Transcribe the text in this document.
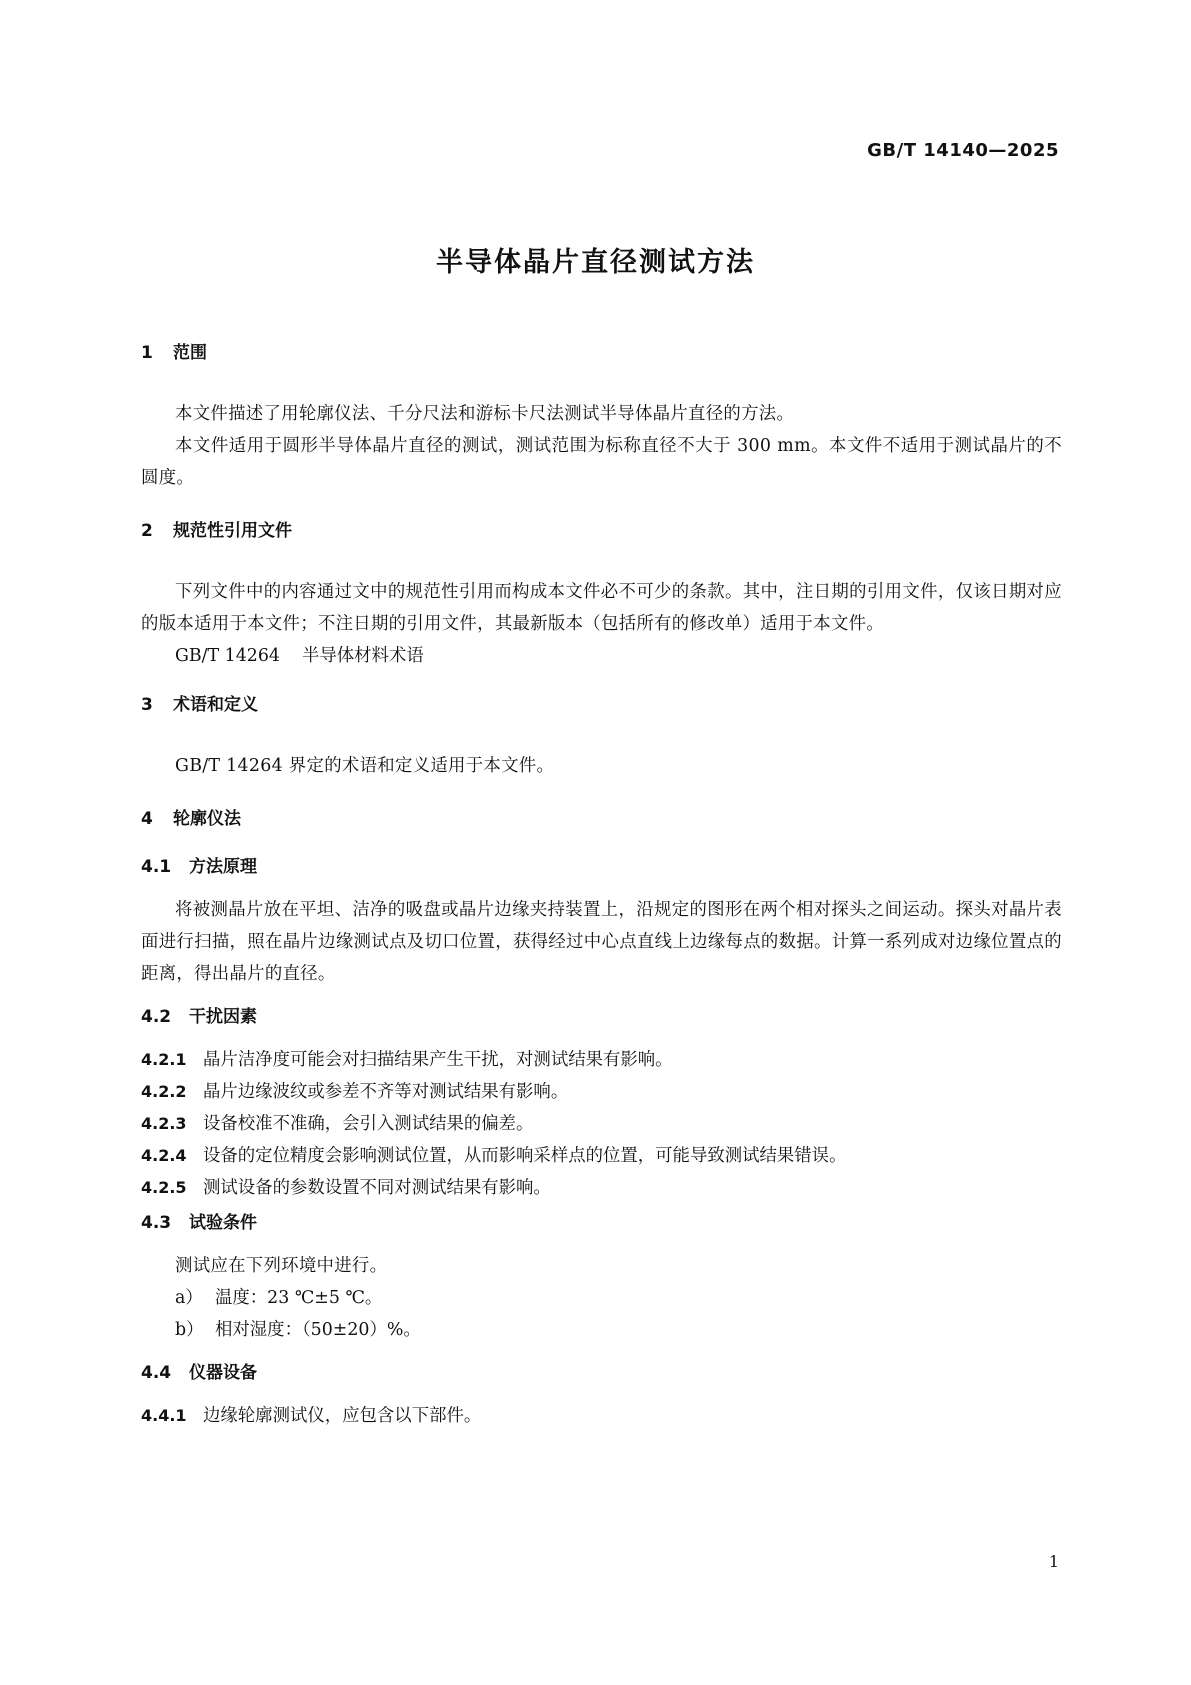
GB/T 14140—2025
半导体晶片直径测试方法
1 范围
本文件描述了用轮廓仪法、千分尺法和游标卡尺法测试半导体晶片直径的方法。
本文件适用于圆形半导体晶片直径的测试，测试范围为标称直径不大于 300 mm。本文件不适用于测试晶片的不圆度。
2 规范性引用文件
下列文件中的内容通过文中的规范性引用而构成本文件必不可少的条款。其中，注日期的引用文件，仅该日期对应的版本适用于本文件；不注日期的引用文件，其最新版本（包括所有的修改单）适用于本文件。
GB/T 14264 半导体材料术语
3 术语和定义
GB/T 14264 界定的术语和定义适用于本文件。
4 轮廓仪法
4.1 方法原理
将被测晶片放在平坦、洁净的吸盘或晶片边缘夹持装置上，沿规定的图形在两个相对探头之间运动。探头对晶片表面进行扫描，照在晶片边缘测试点及切口位置，获得经过中心点直线上边缘每点的数据。计算一系列成对边缘位置点的距离，得出晶片的直径。
4.2 干扰因素
4.2.1 晶片洁净度可能会对扫描结果产生干扰，对测试结果有影响。
4.2.2 晶片边缘波纹或参差不齐等对测试结果有影响。
4.2.3 设备校准不准确，会引入测试结果的偏差。
4.2.4 设备的定位精度会影响测试位置，从而影响采样点的位置，可能导致测试结果错误。
4.2.5 测试设备的参数设置不同对测试结果有影响。
4.3 试验条件
测试应在下列环境中进行。
a） 温度：23 ℃±5 ℃。
b） 相对湿度：（50±20）%。
4.4 仪器设备
4.4.1 边缘轮廓测试仪，应包含以下部件。
1
